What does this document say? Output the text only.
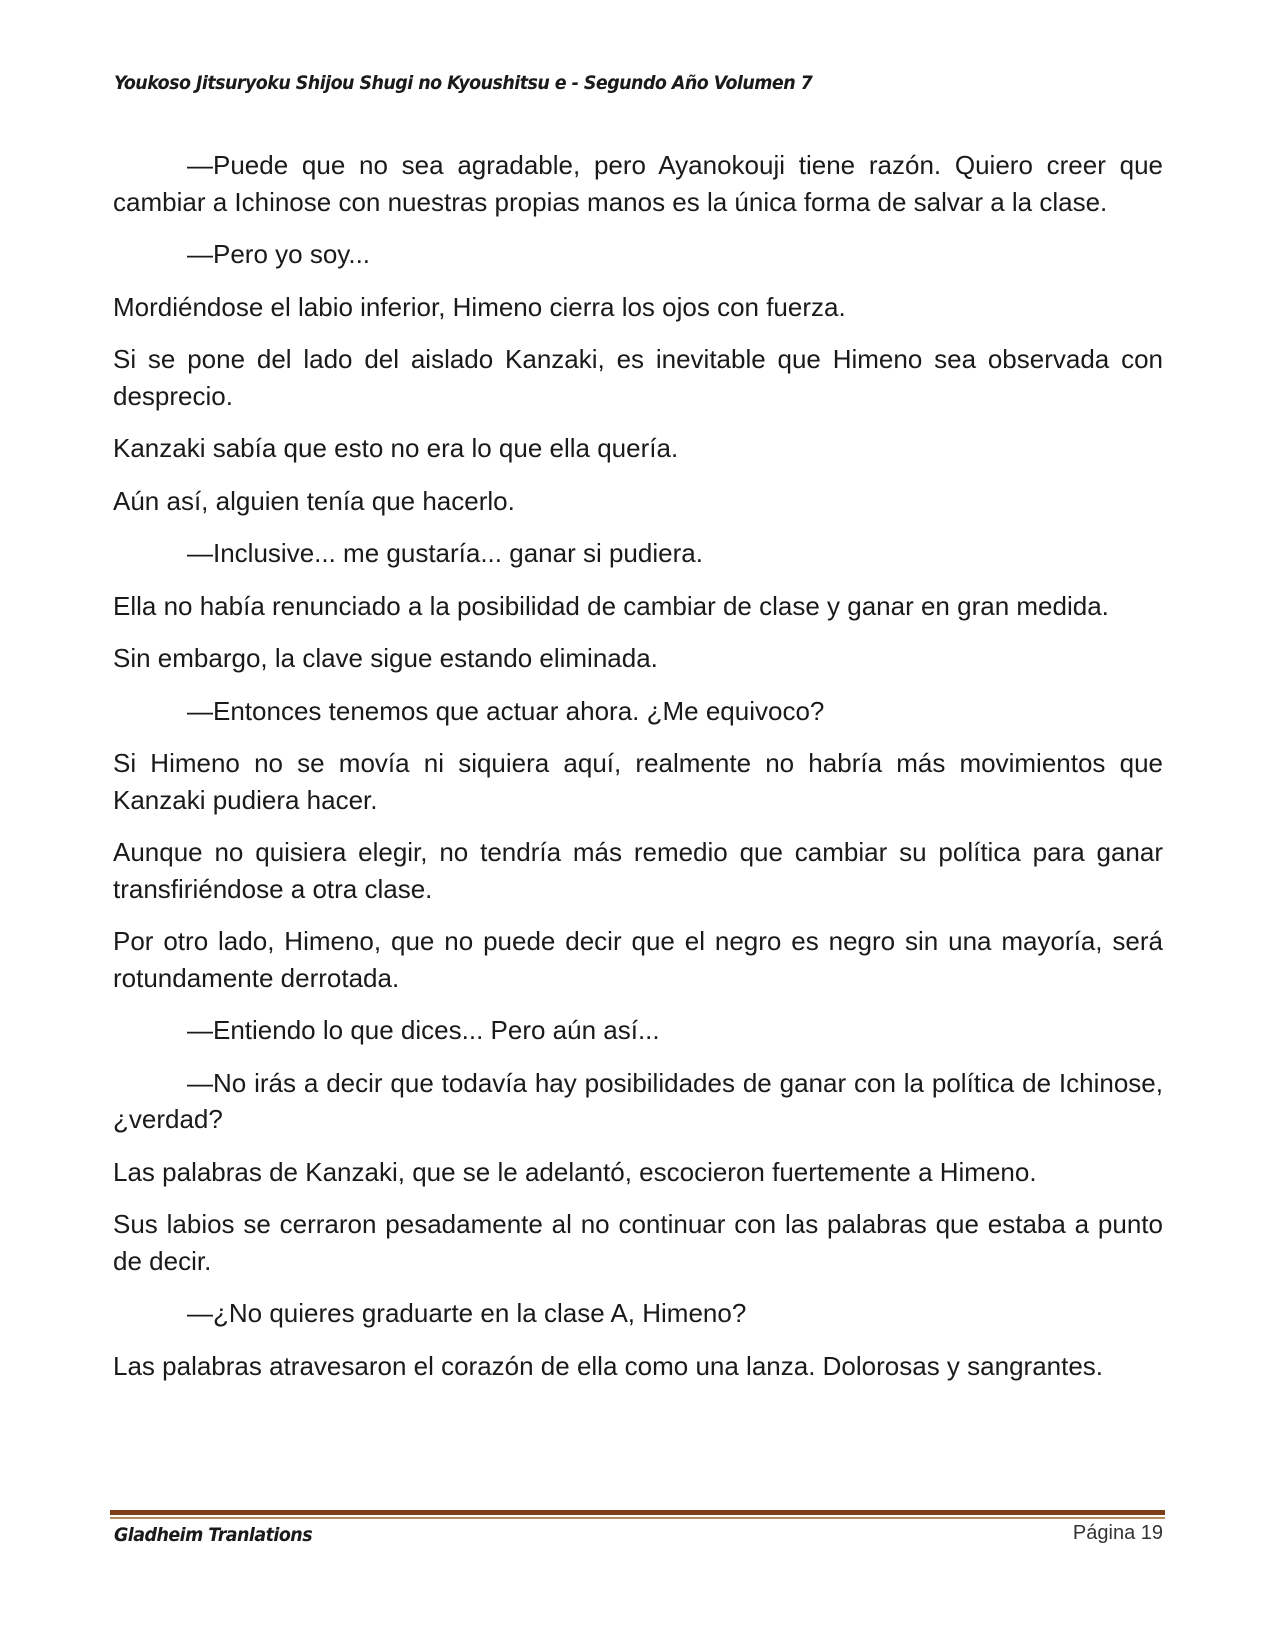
Youkoso Jitsuryoku Shijou Shugi no Kyoushitsu e - Segundo Año Volumen 7

—Puede que no sea agradable, pero Ayanokouji tiene razón. Quiero creer que cambiar a Ichinose con nuestras propias manos es la única forma de salvar a la clase.

—Pero yo soy...

Mordiéndose el labio inferior, Himeno cierra los ojos con fuerza.

Si se pone del lado del aislado Kanzaki, es inevitable que Himeno sea observada con desprecio.

Kanzaki sabía que esto no era lo que ella quería.

Aún así, alguien tenía que hacerlo.

—Inclusive... me gustaría... ganar si pudiera.

Ella no había renunciado a la posibilidad de cambiar de clase y ganar en gran medida.

Sin embargo, la clave sigue estando eliminada.

—Entonces tenemos que actuar ahora. ¿Me equivoco?

Si Himeno no se movía ni siquiera aquí, realmente no habría más movimientos que Kanzaki pudiera hacer.

Aunque no quisiera elegir, no tendría más remedio que cambiar su política para ganar transfiriéndose a otra clase.

Por otro lado, Himeno, que no puede decir que el negro es negro sin una mayoría, será rotundamente derrotada.

—Entiendo lo que dices... Pero aún así...

—No irás a decir que todavía hay posibilidades de ganar con la política de Ichinose, ¿verdad?

Las palabras de Kanzaki, que se le adelantó, escocieron fuertemente a Himeno.

Sus labios se cerraron pesadamente al no continuar con las palabras que estaba a punto de decir.

—¿No quieres graduarte en la clase A, Himeno?

Las palabras atravesaron el corazón de ella como una lanza. Dolorosas y sangrantes.

Gladheim Tranlations	Página 19
